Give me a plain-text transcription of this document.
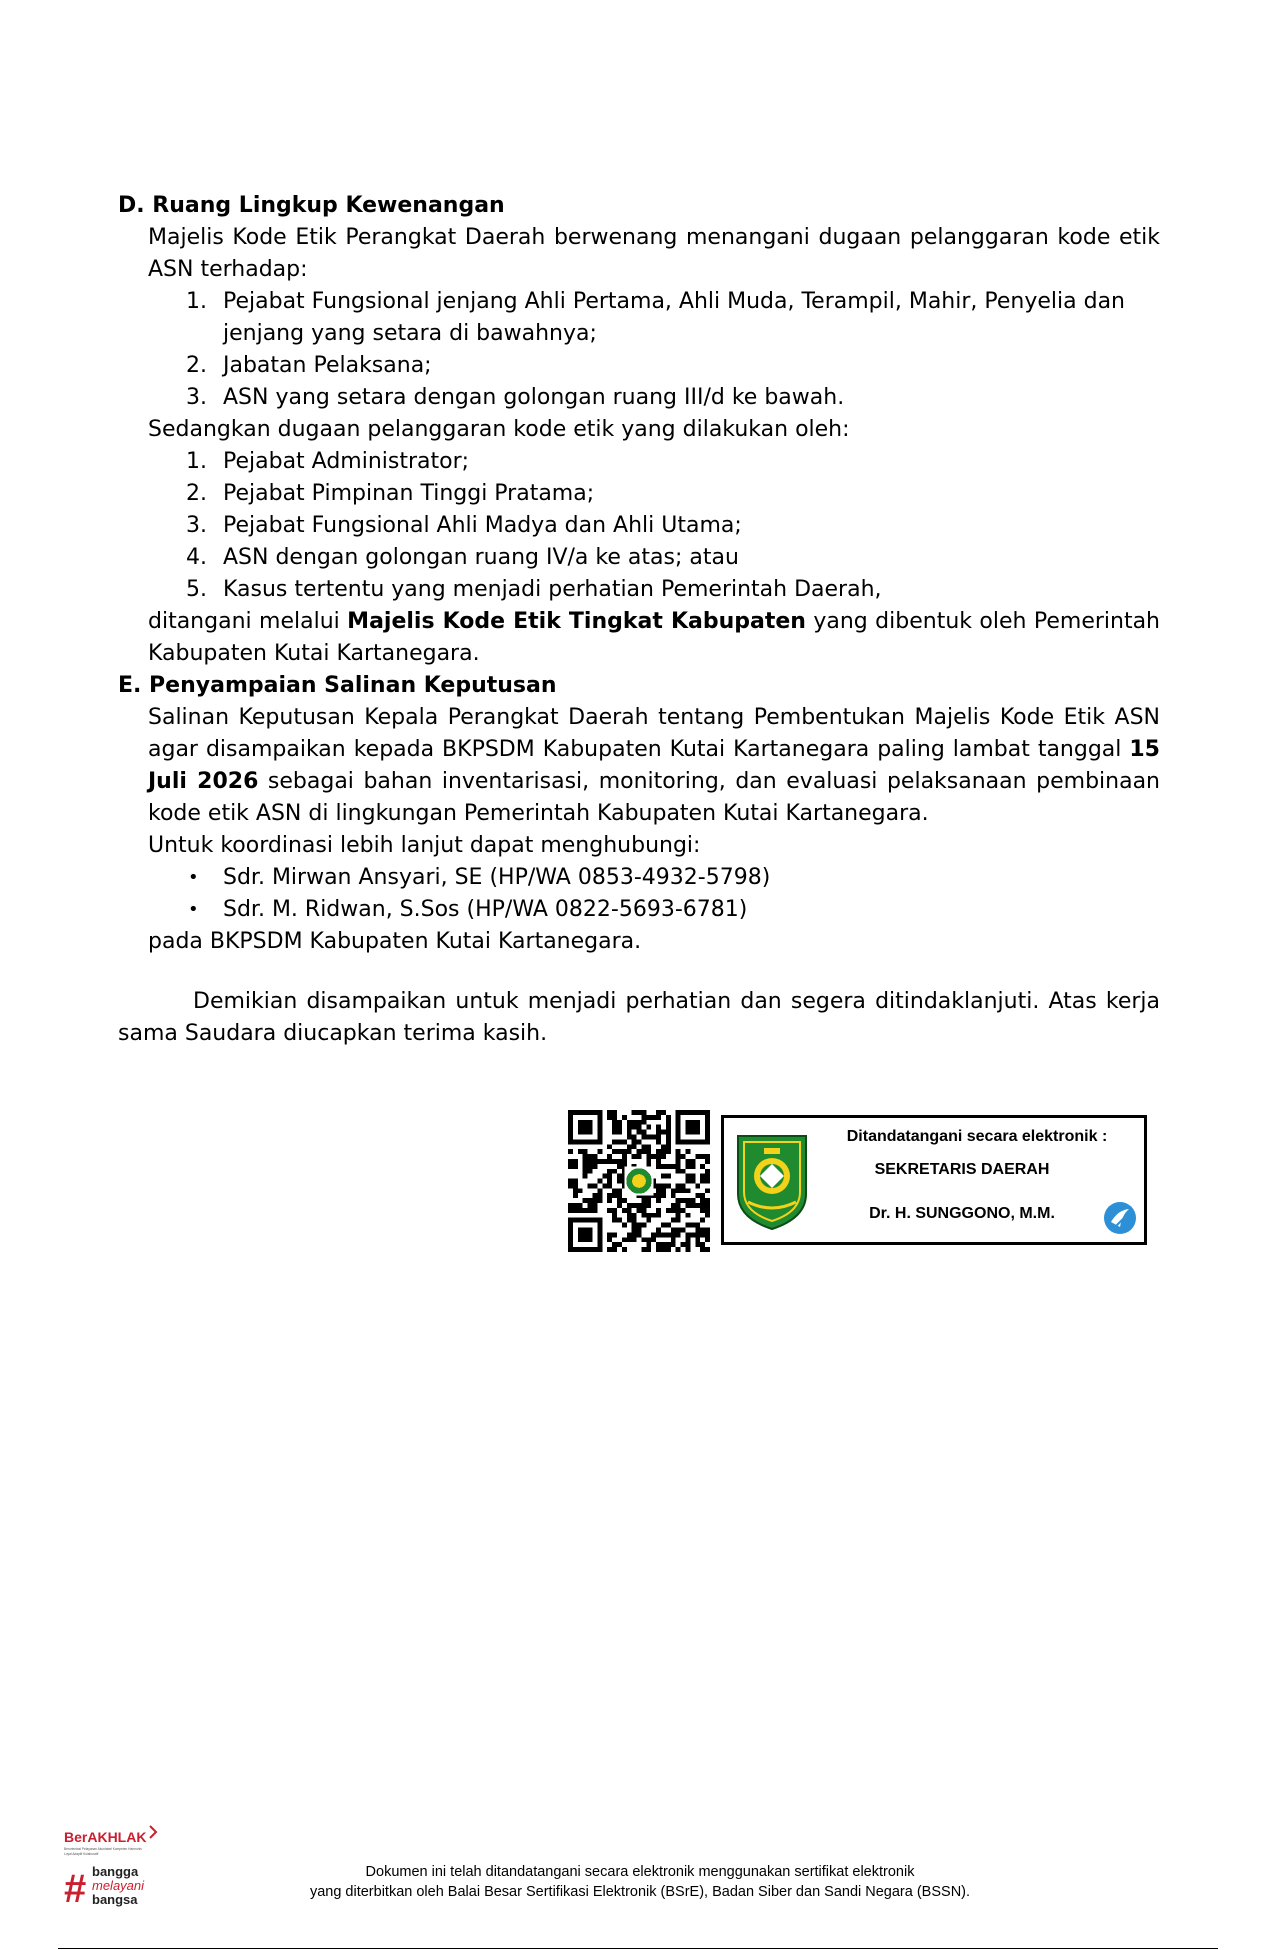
D. Ruang Lingkup Kewenangan

Majelis Kode Etik Perangkat Daerah berwenang menangani dugaan pelanggaran kode etik ASN terhadap:

1. Pejabat Fungsional jenjang Ahli Pertama, Ahli Muda, Terampil, Mahir, Penyelia dan jenjang yang setara di bawahnya;
2. Jabatan Pelaksana;
3. ASN yang setara dengan golongan ruang III/d ke bawah.

Sedangkan dugaan pelanggaran kode etik yang dilakukan oleh:

1. Pejabat Administrator;
2. Pejabat Pimpinan Tinggi Pratama;
3. Pejabat Fungsional Ahli Madya dan Ahli Utama;
4. ASN dengan golongan ruang IV/a ke atas; atau
5. Kasus tertentu yang menjadi perhatian Pemerintah Daerah,

ditangani melalui Majelis Kode Etik Tingkat Kabupaten yang dibentuk oleh Pemerintah Kabupaten Kutai Kartanegara.

E. Penyampaian Salinan Keputusan

Salinan Keputusan Kepala Perangkat Daerah tentang Pembentukan Majelis Kode Etik ASN agar disampaikan kepada BKPSDM Kabupaten Kutai Kartanegara paling lambat tanggal 15 Juli 2026 sebagai bahan inventarisasi, monitoring, dan evaluasi pelaksanaan pembinaan kode etik ASN di lingkungan Pemerintah Kabupaten Kutai Kartanegara.

Untuk koordinasi lebih lanjut dapat menghubungi:

•	Sdr. Mirwan Ansyari, SE (HP/WA 0853-4932-5798)
•	Sdr. M. Ridwan, S.Sos (HP/WA 0822-5693-6781)

pada BKPSDM Kabupaten Kutai Kartanegara.

Demikian disampaikan untuk menjadi perhatian dan segera ditindaklanjuti. Atas kerja sama Saudara diucapkan terima kasih.

Ditandatangani secara elektronik :
SEKRETARIS DAERAH
Dr. H. SUNGGONO, M.M.
BerAKHLAK
Berorientasi Pelayanan Akuntabel Kompeten Harmonis
Loyal Adaptif Kolaboratif
# bangga
melayani
bangsa
Dokumen ini telah ditandatangani secara elektronik menggunakan sertifikat elektronik
yang diterbitkan oleh Balai Besar Sertifikasi Elektronik (BSrE), Badan Siber dan Sandi Negara (BSSN).
